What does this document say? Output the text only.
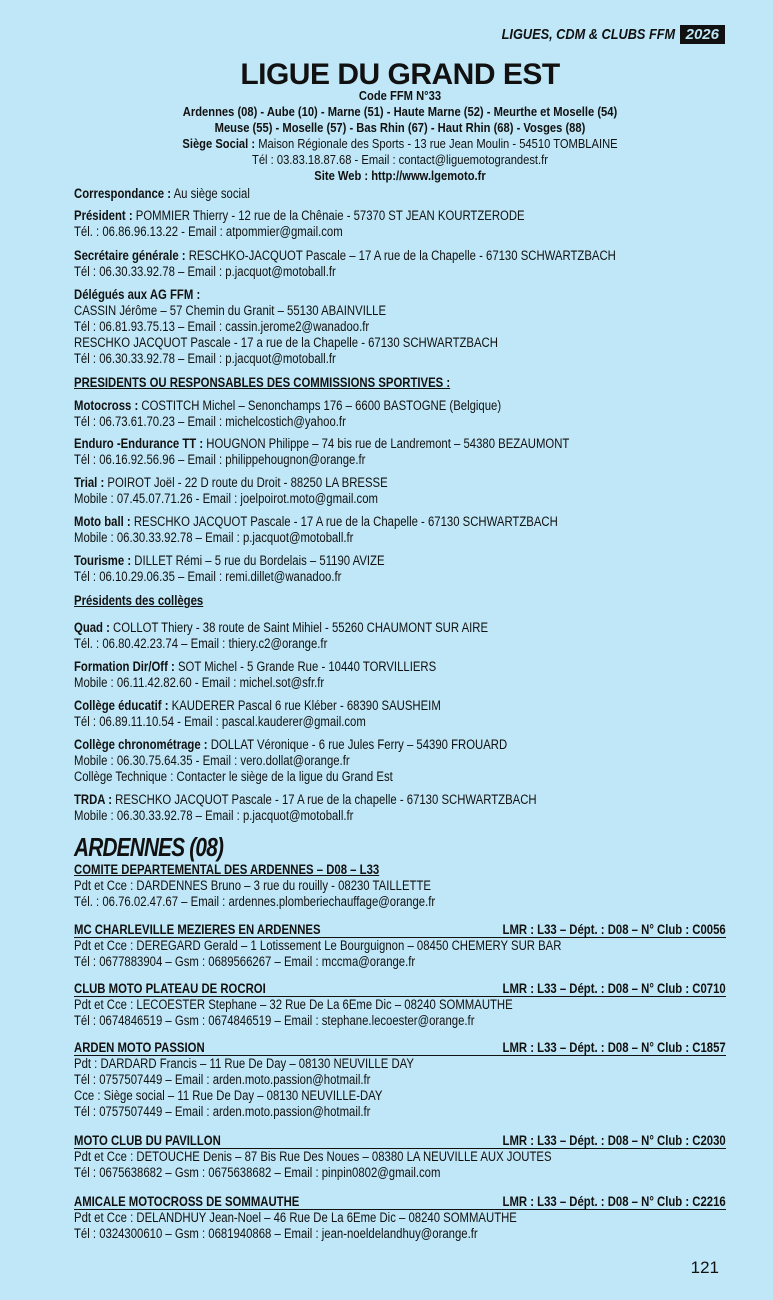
LIGUES, CDM & CLUBS FFM 2026
LIGUE DU GRAND EST
Code FFM N°33
Ardennes (08) - Aube (10) - Marne (51) - Haute Marne (52) - Meurthe et Moselle (54)
Meuse (55) - Moselle (57) - Bas Rhin (67) - Haut Rhin (68) - Vosges (88)
Siège Social : Maison Régionale des Sports - 13 rue Jean Moulin - 54510 TOMBLAINE
Tél : 03.83.18.87.68 - Email : contact@liguemotograndest.fr
Site Web : http://www.lgemoto.fr
Correspondance : Au siège social
Président : POMMIER Thierry - 12 rue de la Chênaie - 57370 ST JEAN KOURTZERODE
Tél. : 06.86.96.13.22 - Email : atpommier@gmail.com
Secrétaire générale : RESCHKO-JACQUOT Pascale – 17 A rue de la Chapelle - 67130 SCHWARTZBACH
Tél : 06.30.33.92.78 – Email : p.jacquot@motoball.fr
Délégués aux AG FFM :
CASSIN Jérôme – 57 Chemin du Granit – 55130 ABAINVILLE
Tél : 06.81.93.75.13 – Email : cassin.jerome2@wanadoo.fr
RESCHKO JACQUOT Pascale - 17 a rue de la Chapelle - 67130 SCHWARTZBACH
Tél : 06.30.33.92.78 – Email : p.jacquot@motoball.fr
PRESIDENTS OU RESPONSABLES DES COMMISSIONS SPORTIVES :
Motocross : COSTITCH Michel – Senonchamps 176 – 6600 BASTOGNE (Belgique)
Tél : 06.73.61.70.23 – Email : michelcostich@yahoo.fr
Enduro -Endurance TT : HOUGNON Philippe – 74 bis rue de Landremont – 54380 BEZAUMONT
Tél : 06.16.92.56.96 – Email : philippehougnon@orange.fr
Trial : POIROT Joël - 22 D route du Droit - 88250 LA BRESSE
Mobile : 07.45.07.71.26 - Email : joelpoirot.moto@gmail.com
Moto ball : RESCHKO JACQUOT Pascale - 17 A rue de la Chapelle - 67130 SCHWARTZBACH
Mobile : 06.30.33.92.78 – Email : p.jacquot@motoball.fr
Tourisme : DILLET Rémi – 5 rue du Bordelais – 51190 AVIZE
Tél : 06.10.29.06.35 – Email : remi.dillet@wanadoo.fr
Présidents des collèges
Quad : COLLOT Thiery - 38 route de Saint Mihiel - 55260 CHAUMONT SUR AIRE
Tél. : 06.80.42.23.74 – Email : thiery.c2@orange.fr
Formation Dir/Off : SOT Michel - 5 Grande Rue - 10440 TORVILLIERS
Mobile : 06.11.42.82.60 - Email : michel.sot@sfr.fr
Collège éducatif : KAUDERER Pascal 6 rue Kléber - 68390 SAUSHEIM
Tél : 06.89.11.10.54 - Email : pascal.kauderer@gmail.com
Collège chronométrage : DOLLAT Véronique - 6 rue Jules Ferry – 54390 FROUARD
Mobile : 06.30.75.64.35 - Email : vero.dollat@orange.fr
Collège Technique : Contacter le siège de la ligue du Grand Est
TRDA : RESCHKO JACQUOT Pascale - 17 A rue de la chapelle - 67130 SCHWARTZBACH
Mobile : 06.30.33.92.78 – Email : p.jacquot@motoball.fr
ARDENNES (08)
COMITE DEPARTEMENTAL DES ARDENNES – D08 – L33
Pdt et Cce : DARDENNES Bruno – 3 rue du rouilly - 08230 TAILLETTE
Tél. : 06.76.02.47.67 – Email : ardennes.plomberiechauffage@orange.fr
MC CHARLEVILLE MEZIERES EN ARDENNES	LMR : L33 – Dépt. : D08 – N° Club : C0056
Pdt et Cce : DEREGARD Gerald – 1 Lotissement Le Bourguignon – 08450 CHEMERY SUR BAR
Tél : 0677883904 – Gsm : 0689566267 – Email : mccma@orange.fr
CLUB MOTO PLATEAU DE ROCROI	LMR : L33 – Dépt. : D08 – N° Club : C0710
Pdt et Cce : LECOESTER Stephane – 32 Rue De La 6Eme Dic – 08240 SOMMAUTHE
Tél : 0674846519 – Gsm : 0674846519 – Email : stephane.lecoester@orange.fr
ARDEN MOTO PASSION	LMR : L33 – Dépt. : D08 – N° Club : C1857
Pdt : DARDARD Francis – 11 Rue De Day – 08130 NEUVILLE DAY
Tél : 0757507449 – Email : arden.moto.passion@hotmail.fr
Cce : Siège social – 11 Rue De Day – 08130 NEUVILLE-DAY
Tél : 0757507449 – Email : arden.moto.passion@hotmail.fr
MOTO CLUB DU PAVILLON	LMR : L33 – Dépt. : D08 – N° Club : C2030
Pdt et Cce : DETOUCHE Denis – 87 Bis Rue Des Noues – 08380 LA NEUVILLE AUX JOUTES
Tél : 0675638682 – Gsm : 0675638682 – Email : pinpin0802@gmail.com
AMICALE MOTOCROSS DE SOMMAUTHE	LMR : L33 – Dépt. : D08 – N° Club : C2216
Pdt et Cce : DELANDHUY Jean-Noel – 46 Rue De La 6Eme Dic – 08240 SOMMAUTHE
Tél : 0324300610 – Gsm : 0681940868 – Email : jean-noeldelandhuy@orange.fr
121
